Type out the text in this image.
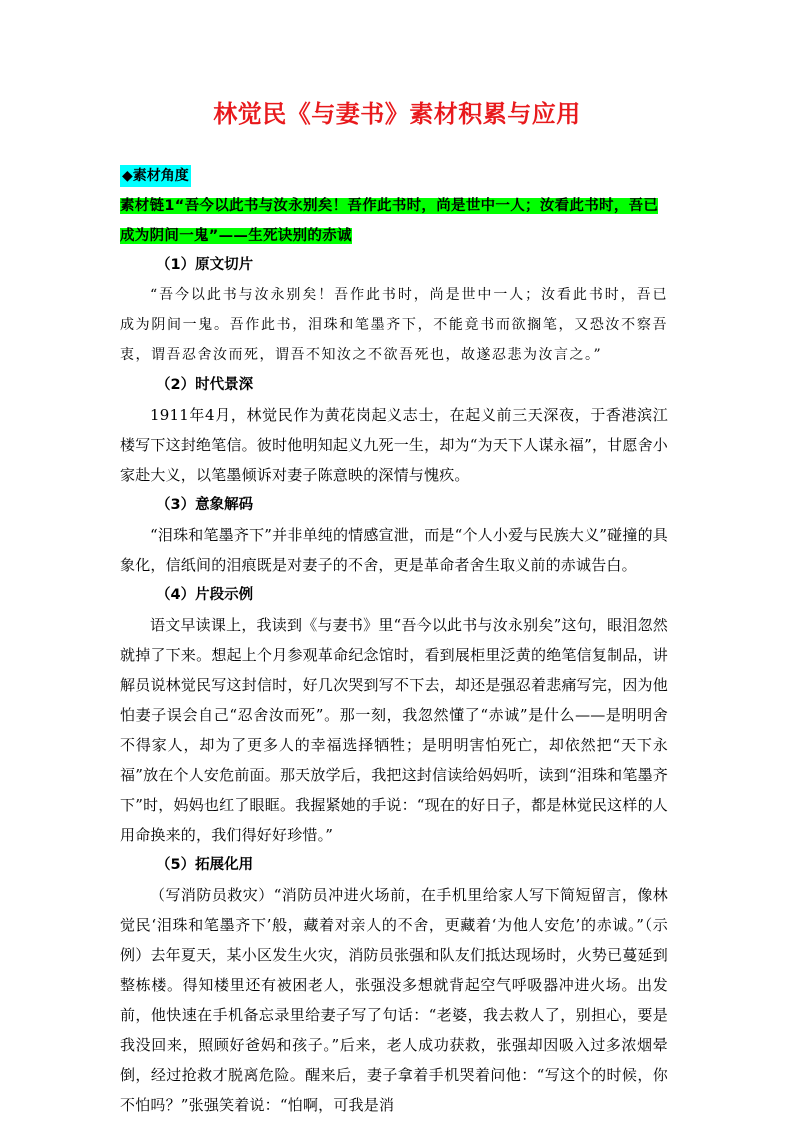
林觉民《与妻书》素材积累与应用
◆素材角度
素材链1“吾今以此书与汝永别矣！吾作此书时，尚是世中一人；汝看此书时，吾已成为阴间一鬼”——生死诀别的赤诚
（1）原文切片
“吾今以此书与汝永别矣！吾作此书时，尚是世中一人；汝看此书时，吾已成为阴间一鬼。吾作此书，泪珠和笔墨齐下，不能竟书而欲搁笔，又恐汝不察吾衷，谓吾忍舍汝而死，谓吾不知汝之不欲吾死也，故遂忍悲为汝言之。”
（2）时代景深
1911年4月，林觉民作为黄花岗起义志士，在起义前三天深夜，于香港滨江楼写下这封绝笔信。彼时他明知起义九死一生，却为“为天下人谋永福”，甘愿舍小家赴大义，以笔墨倾诉对妻子陈意映的深情与愧疚。
（3）意象解码
“泪珠和笔墨齐下”并非单纯的情感宣泄，而是“个人小爱与民族大义”碰撞的具象化，信纸间的泪痕既是对妻子的不舍，更是革命者舍生取义前的赤诚告白。
（4）片段示例
语文早读课上，我读到《与妻书》里“吾今以此书与汝永别矣”这句，眼泪忽然就掉了下来。想起上个月参观革命纪念馆时，看到展柜里泛黄的绝笔信复制品，讲解员说林觉民写这封信时，好几次哭到写不下去，却还是强忍着悲痛写完，因为他怕妻子误会自己“忍舍汝而死”。那一刻，我忽然懂了“赤诚”是什么——是明明舍不得家人，却为了更多人的幸福选择牺牲；是明明害怕死亡，却依然把“天下永福”放在个人安危前面。那天放学后，我把这封信读给妈妈听，读到“泪珠和笔墨齐下”时，妈妈也红了眼眶。我握紧她的手说：“现在的好日子，都是林觉民这样的人用命换来的，我们得好好珍惜。”
（5）拓展化用
（写消防员救灾）“消防员冲进火场前，在手机里给家人写下简短留言，像林觉民‘泪珠和笔墨齐下’般，藏着对亲人的不舍，更藏着‘为他人安危’的赤诚。”（示例）去年夏天，某小区发生火灾，消防员张强和队友们抵达现场时，火势已蔓延到整栋楼。得知楼里还有被困老人，张强没多想就背起空气呼吸器冲进火场。出发前，他快速在手机备忘录里给妻子写了句话：“老婆，我去救人了，别担心，要是我没回来，照顾好爸妈和孩子。”后来，老人成功获救，张强却因吸入过多浓烟晕倒，经过抢救才脱离危险。醒来后，妻子拿着手机哭着问他：“写这个的时候，你不怕吗？”张强笑着说：“怕啊，可我是消
